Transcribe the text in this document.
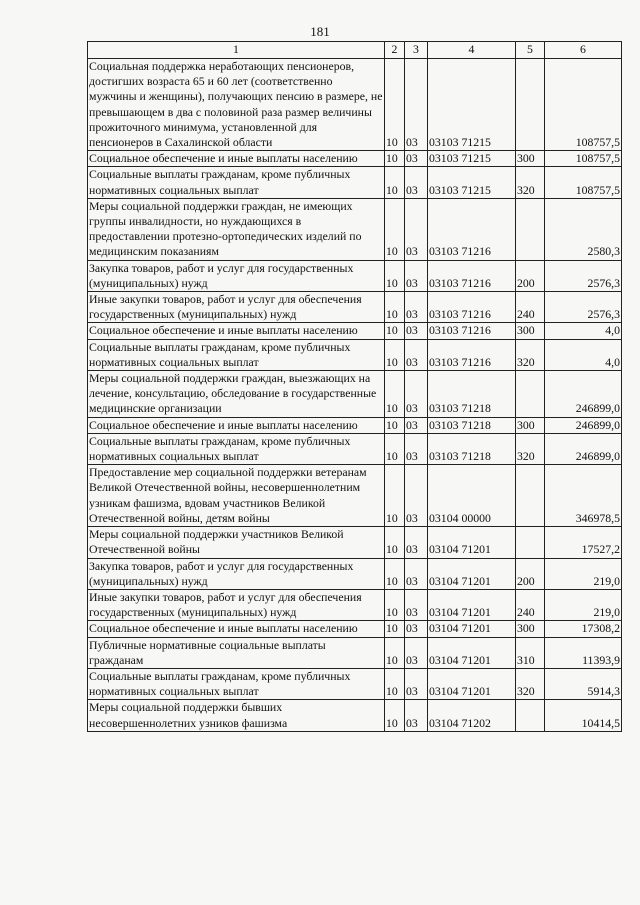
181
1	2	3	4	5	6
Социальная поддержка неработающих пенсионеров, достигших возраста 65 и 60 лет (соответственно мужчины и женщины), получающих пенсию в размере, не превышающем в два с половиной раза размер величины прожиточного минимума, установленной для пенсионеров в Сахалинской области	10	03	03103 71215		108757,5
Социальное обеспечение и иные выплаты населению	10	03	03103 71215	300	108757,5
Социальные выплаты гражданам, кроме публичных нормативных социальных выплат	10	03	03103 71215	320	108757,5
Меры социальной поддержки граждан, не имеющих группы инвалидности, но нуждающихся в предоставлении протезно-ортопедических изделий по медицинским показаниям	10	03	03103 71216		2580,3
Закупка товаров, работ и услуг для государственных (муниципальных) нужд	10	03	03103 71216	200	2576,3
Иные закупки товаров, работ и услуг для обеспечения государственных (муниципальных) нужд	10	03	03103 71216	240	2576,3
Социальное обеспечение и иные выплаты населению	10	03	03103 71216	300	4,0
Социальные выплаты гражданам, кроме публичных нормативных социальных выплат	10	03	03103 71216	320	4,0
Меры социальной поддержки граждан, выезжающих на лечение, консультацию, обследование в государственные медицинские организации	10	03	03103 71218		246899,0
Социальное обеспечение и иные выплаты населению	10	03	03103 71218	300	246899,0
Социальные выплаты гражданам, кроме публичных нормативных социальных выплат	10	03	03103 71218	320	246899,0
Предоставление мер социальной поддержки ветеранам Великой Отечественной войны, несовершеннолетним узникам фашизма, вдовам участников Великой Отечественной войны, детям войны	10	03	03104 00000		346978,5
Меры социальной поддержки участников Великой Отечественной войны	10	03	03104 71201		17527,2
Закупка товаров, работ и услуг для государственных (муниципальных) нужд	10	03	03104 71201	200	219,0
Иные закупки товаров, работ и услуг для обеспечения государственных (муниципальных) нужд	10	03	03104 71201	240	219,0
Социальное обеспечение и иные выплаты населению	10	03	03104 71201	300	17308,2
Публичные нормативные социальные выплаты гражданам	10	03	03104 71201	310	11393,9
Социальные выплаты гражданам, кроме публичных нормативных социальных выплат	10	03	03104 71201	320	5914,3
Меры социальной поддержки бывших несовершеннолетних узников фашизма	10	03	03104 71202		10414,5
